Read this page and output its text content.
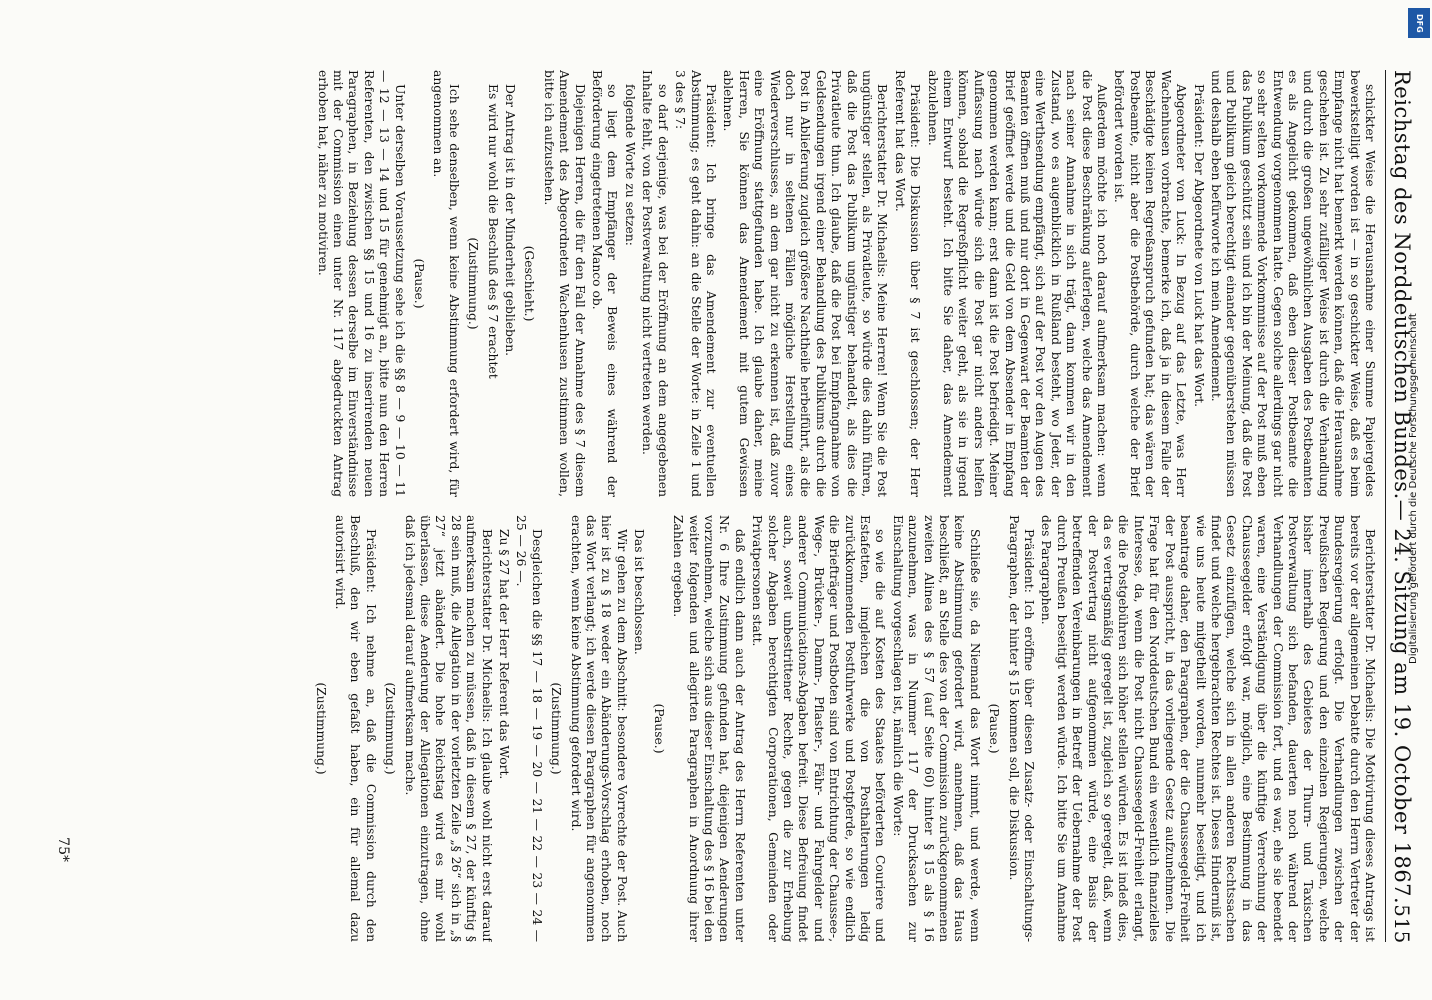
Reichstag des Norddeutschen Bundes.
— 24. Sitzung am 19. October 1867.
515

schickter Weise die Herausnahme einer Summe Papiergeldes bewerkstelligt worden ist — in so geschickter Weise, daß es beim Empfange nicht hat bemerkt werden können, daß die Herausnahme geschehen ist. Zu sehr zufälliger Weise ist durch die Verhandlung und durch die großen ungewöhnlichen Ausgaben des Postbeamten es als Angelicht gekommen, daß eben dieser Postbeamte die Entwendung vorgenommen hatte. Gegen solche allerdings gar nicht so sehr selten vorkommende Vorkommnisse auf der Post muß eben das Publikum geschützt sein und ich bin der Meinung, daß die Post und Publikum gleich berechtigt einander gegenüberstehen müssen und deshalb eben befürworte ich mein Amendement.

Präsident: Der Abgeordnete von Luck hat das Wort.

Abgeordneter von Luck: In Bezug auf das Letzte, was Herr Wachenhusen vorbrachte, bemerke ich, daß ja in diesem Falle der Beschädigte keinen Regreßanspruch gefunden hat; das wären der Postbeamte, nicht aber die Postbehörde, durch welche der Brief befördert worden ist.

Außerdem möchte ich noch darauf aufmerksam machen: wenn die Post diese Beschränkung auferlegen, welche das Amendement nach seiner Annahme in sich trägt, dann kommen wir in den Zustand, wo es augenblicklich in Rußland besteht, wo Jeder, der eine Werthsendung empfängt, sich auf der Post vor den Augen des Beamten öffnen muß und nur dort in Gegenwart der Beamten der Brief geöffnet werde und die Geld von dem Absender in Empfang genommen werden kann; erst dann ist die Post befriedigt. Meiner Auffassung nach würde sich die Post gar nicht anders helfen können, sobald die Regreßpflicht weiter geht, als sie in irgend einem Entwurf besteht. Ich bitte Sie daher, das Amendement abzulehnen.

Präsident: Die Diskussion über § 7 ist geschlossen; der Herr Referent hat das Wort.

Berichterstatter Dr. Michaelis: Meine Herren! Wenn Sie die Post ungünstiger stellen, als Privatleute, so würde dies dahin führen, daß die Post das Publikum ungünstiger behandelt, als dies die Privatleute thun. Ich glaube, daß die Post bei Empfangnahme von Geldsendungen irgend einer Behandlung des Publikums durch die Post in Ablieferung zugleich größere Nachtheile herbeiführt, als die doch nur in seltenen Fällen mögliche Herstellung eines Wiederverschlusses, an dem gar nicht zu erkennen ist, daß zuvor eine Eröffnung stattgefunden habe. Ich glaube daher, meine Herren, Sie können das Amendement mit gutem Gewissen ablehnen.

Präsident: Ich bringe das Amendement zur eventuellen Abstimmung; es geht dahin: an die Stelle der Worte: in Zeile 1 und 3 des § 7:

so darf derjenige, was bei der Eröffnung an dem angegebenen Inhalte fehlt, von der Postverwaltung nicht vertreten werden.

folgende Worte zu setzen:

so liegt dem Empfänger der Beweis eines während der Beförderung eingetretenen Manco ob.

Diejenigen Herren, die für den Fall der Annahme des § 7 diesem Amendement des Abgeordneten Wachenhusen zustimmen wollen, bitte ich aufzustehen.

(Geschieht.)

Der Antrag ist in der Minderheit geblieben.

Es wird nur wohl die Beschluß des § 7 erachtet

(Zustimmung.)

Ich sehe denselben, wenn keine Abstimmung erfordert wird, für angenommen an.

(Pause.)

Unter derselben Voraussetzung sehe ich die §§ 8 — 9 — 10 — 11 — 12 — 13 — 14 und 15 für genehmigt an, bitte nun den Herren Referenten, den zwischen §§ 15 und 16 zu inserirenden neuen Paragraphen, in Beziehung dessen derselbe im Einverständnisse mit der Commission einen unter Nr. 117 abgedruckten Antrag erhoben hat, näher zu motiviren.

Berichterstatter Dr. Michaelis: Die Motivirung dieses Antrags ist bereits vor der allgemeinen Debatte durch den Herrn Vertreter der Bundesregierung erfolgt. Die Verhandlungen zwischen der Preußischen Regierung und den einzelnen Regierungen, welche bisher innerhalb des Gebietes der Thurn- und Taxischen Postverwaltung sich befanden, dauerten noch während der Verhandlungen der Commission fort, und es war, ehe sie beendet waren, eine Verständigung über die künftige Verrechnung der Chausseegelder erfolgt war, möglich, eine Bestimmung in das Gesetz einzufügen, welche sich in allen anderen Rechtssachen findet und welche hergebrachten Rechtes ist. Dieses Hinderniß ist, wie uns heute mitgetheilt worden, nunmehr beseitigt, und ich beantrage daher, den Paragraphen, der die Chausseegeld-Freiheit der Post ausspricht, in das vorliegende Gesetz aufzunehmen. Die Frage hat für den Norddeutschen Bund ein wesentlich finanzielles Interesse, da, wenn die Post nicht Chausseegeld-Freiheit erlangt, die die Postgebühren sich höher stellen würden. Es ist indeß dies, da es vertragsmäßig geregelt ist, zugleich so geregelt, daß, wenn der Postvertrag nicht aufgenommen würde, eine Basis der betreffenden Vereinbarungen in Betreff der Uebernahme der Post durch Preußen beseitigt werden würde. Ich bitte Sie um Annahme des Paragraphen.

Präsident: Ich eröffne über diesen Zusatz- oder Einschaltungs-Paragraphen, der hinter § 15 kommen soll, die Diskussion.

(Pause.)

Schließe sie, da Niemand das Wort nimmt, und werde, wenn keine Abstimmung gefordert wird, annehmen, daß das Haus beschließt, an Stelle des von der Commission zurückgenommenen zweiten Alinea des § 57 (auf Seite 60) hinter § 15 als § 16 anzunehmen, was in Nummer 117 der Drucksachen zur Einschaltung vorgeschlagen ist, nämlich die Worte:

so wie die auf Kosten des Staates beförderten Couriere und Estafetten, imgleichen die von Posthalterungen ledig zurückkommenden Postfuhrwerke und Postpferde, so wie endlich die Briefträger und Postboten sind von Entrichtung der Chaussee-, Wege-, Brücken-, Damm-, Pflaster-, Fähr- und Fahrgelder und anderer Communications-Abgaben befreit. Diese Befreiung findet auch, soweit unbestrittener Rechte, gegen die zur Erhebung solcher Abgaben berechtigten Corporationen, Gemeinden oder Privatpersonen statt.

daß endlich dann auch der Antrag des Herrn Referenten unter Nr. 6 Ihre Zustimmung gefunden hat, diejenigen Aenderungen vorzunehmen, welche sich aus dieser Einschaltung des § 16 bei den weiter folgenden und allegirten Paragraphen in Anordnung ihrer Zahlen ergeben.

(Pause.)

Das ist beschlossen.

Wir gehen zu dem Abschnitt: besondere Vorrechte der Post. Auch hier ist zu § 18 weder ein Abänderungs-Vorschlag erhoben, noch das Wort verlangt; ich werde diesen Paragraphen für angenommen erachten, wenn keine Abstimmung gefordert wird.

(Zustimmung.)

Desgleichen die §§ 17 — 18 — 19 — 20 — 21 — 22 — 23 — 24 — 25 — 26 —.

Zu § 27 hat der Herr Referent das Wort.

Berichterstatter Dr. Michaelis: Ich glaube wohl nicht erst darauf aufmerksam machen zu müssen, daß in diesem § 27, der künftig § 28 sein muß, die Allegation in der vorletzten Zeile „§ 26“ sich in „§ 27“ jetzt abändert. Die hohe Reichstag wird es mir wohl überlassen, diese Aenderung der Allegationen einzutragen, ohne daß ich jedesmal darauf aufmerksam mache.

(Zustimmung.)

Präsident: Ich nehme an, daß die Commission durch den Beschluß, den wir eben gefaßt haben, ein für allemal dazu autorisirt wird.

(Zustimmung.)

75*
DFG
Digitalisierung gefördert durch die Deutsche Forschungsgemeinschaft
